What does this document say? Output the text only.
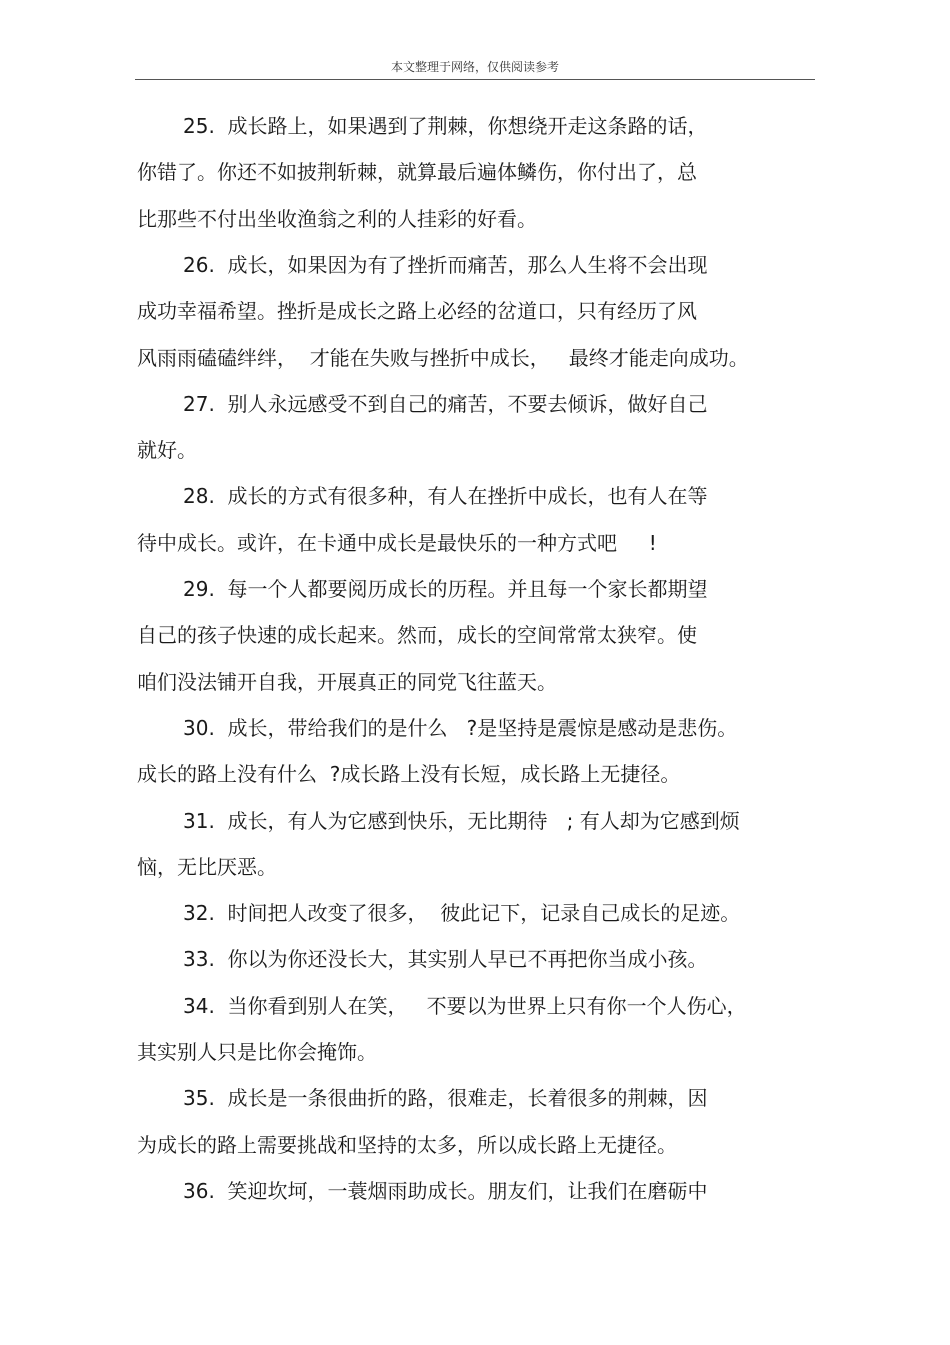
本文整理于网络，仅供阅读参考
25.  成长路上，如果遇到了荆棘，你想绕开走这条路的话，
你错了。你还不如披荆斩棘，就算最后遍体鳞伤，你付出了，总
比那些不付出坐收渔翁之利的人挂彩的好看。
26.  成长，如果因为有了挫折而痛苦，那么人生将不会出现
成功幸福希望。挫折是成长之路上必经的岔道口，只有经历了风
风雨雨磕磕绊绊，  才能在失败与挫折中成长，   最终才能走向成功。
27.  别人永远感受不到自己的痛苦，不要去倾诉，做好自己
就好。
28.  成长的方式有很多种，有人在挫折中成长，也有人在等
待中成长。或许，在卡通中成长是最快乐的一种方式吧     !
29.  每一个人都要阅历成长的历程。并且每一个家长都期望
自己的孩子快速的成长起来。然而，成长的空间常常太狭窄。使
咱们没法铺开自我，开展真正的同党飞往蓝天。
30.  成长，带给我们的是什么   ?是坚持是震惊是感动是悲伤。
成长的路上没有什么  ?成长路上没有长短，成长路上无捷径。
31.  成长，有人为它感到快乐，无比期待   ; 有人却为它感到烦
恼，无比厌恶。
32.  时间把人改变了很多，  彼此记下，记录自己成长的足迹。
33.  你以为你还没长大，其实别人早已不再把你当成小孩。
34.  当你看到别人在笑，   不要以为世界上只有你一个人伤心，
其实别人只是比你会掩饰。
35.  成长是一条很曲折的路，很难走，长着很多的荆棘，因
为成长的路上需要挑战和坚持的太多，所以成长路上无捷径。
36.  笑迎坎坷，一蓑烟雨助成长。朋友们，让我们在磨砺中
